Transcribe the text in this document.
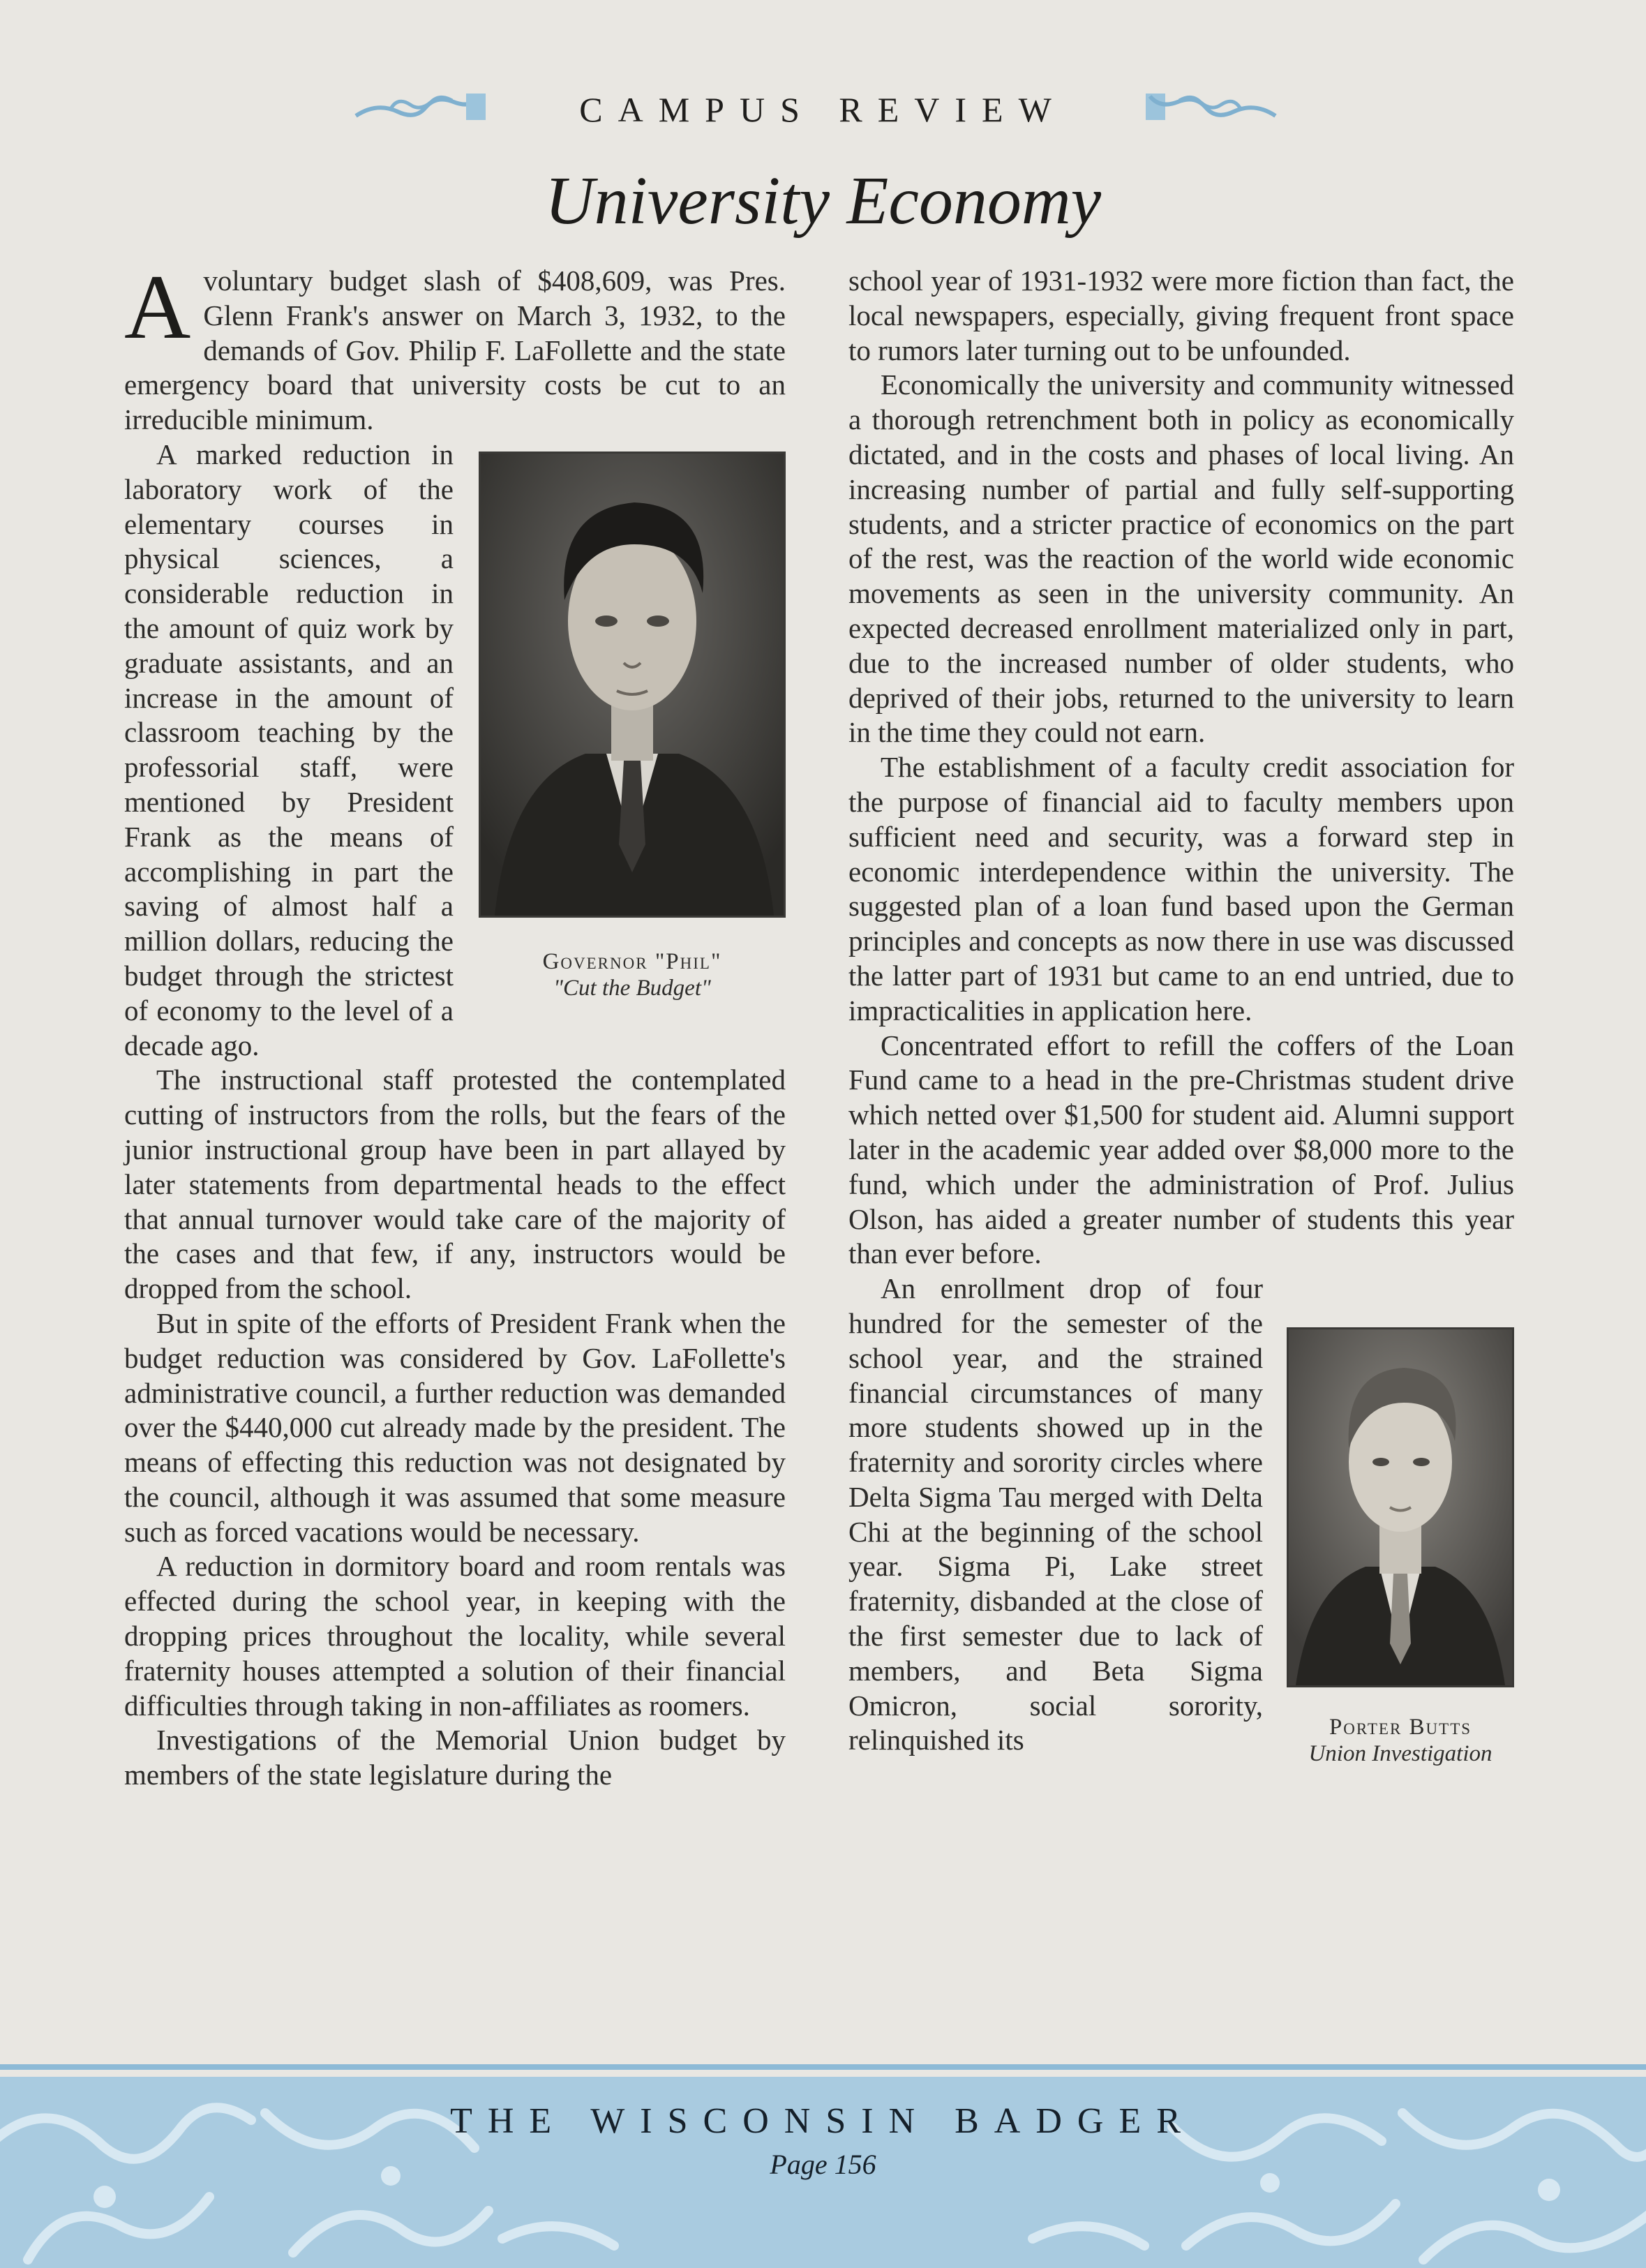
CAMPUS REVIEW
University Economy

Avoluntary budget slash of $408,609, was Pres. Glenn Frank's answer on March 3, 1932, to the demands of Gov. Philip F. LaFollette and the state emergency board that university costs be cut to an irreducible minimum.

Governor "Phil"
"Cut the Budget"

A marked reduction in laboratory work of the elementary courses in physical sciences, a considerable reduction in the amount of quiz work by graduate assistants, and an increase in the amount of classroom teaching by the professorial staff, were mentioned by President Frank as the means of accomplishing in part the saving of almost half a million dollars, reducing the budget through the strictest of economy to the level of a decade ago.

The instructional staff protested the contemplated cutting of instructors from the rolls, but the fears of the junior instructional group have been in part allayed by later statements from departmental heads to the effect that annual turnover would take care of the majority of the cases and that few, if any, instructors would be dropped from the school.

But in spite of the efforts of President Frank when the budget reduction was considered by Gov. LaFollette's administrative council, a further reduction was demanded over the $440,000 cut already made by the president. The means of effecting this reduction was not designated by the council, although it was assumed that some measure such as forced vacations would be necessary.

A reduction in dormitory board and room rentals was effected during the school year, in keeping with the dropping prices throughout the locality, while several fraternity houses attempted a solution of their financial difficulties through taking in non-affiliates as roomers.

Investigations of the Memorial Union budget by members of the state legislature during the

school year of 1931-1932 were more fiction than fact, the local newspapers, especially, giving frequent front space to rumors later turning out to be unfounded.

Economically the university and community witnessed a thorough retrenchment both in policy as economically dictated, and in the costs and phases of local living. An increasing number of partial and fully self-supporting students, and a stricter practice of economics on the part of the rest, was the reaction of the world wide economic movements as seen in the university community. An expected decreased enrollment materialized only in part, due to the increased number of older students, who deprived of their jobs, returned to the university to learn in the time they could not earn.

The establishment of a faculty credit association for the purpose of financial aid to faculty members upon sufficient need and security, was a forward step in economic interdependence within the university. The suggested plan of a loan fund based upon the German principles and concepts as now there in use was discussed the latter part of 1931 but came to an end untried, due to impracticalities in application here.

Concentrated effort to refill the coffers of the Loan Fund came to a head in the pre-Christmas student drive which netted over $1,500 for student aid. Alumni support later in the academic year added over $8,000 more to the fund, which under the administration of Prof. Julius Olson, has aided a greater number of students this year than ever before.

Porter Butts
Union Investigation

An enrollment drop of four hundred for the semester of the school year, and the strained financial circumstances of many more students showed up in the fraternity and sorority circles where Delta Sigma Tau merged with Delta Chi at the beginning of the school year. Sigma Pi, Lake street fraternity, disbanded at the close of the first semester due to lack of members, and Beta Sigma Omicron, social sorority, relinquished its

THE WISCONSIN BADGER
Page 156
